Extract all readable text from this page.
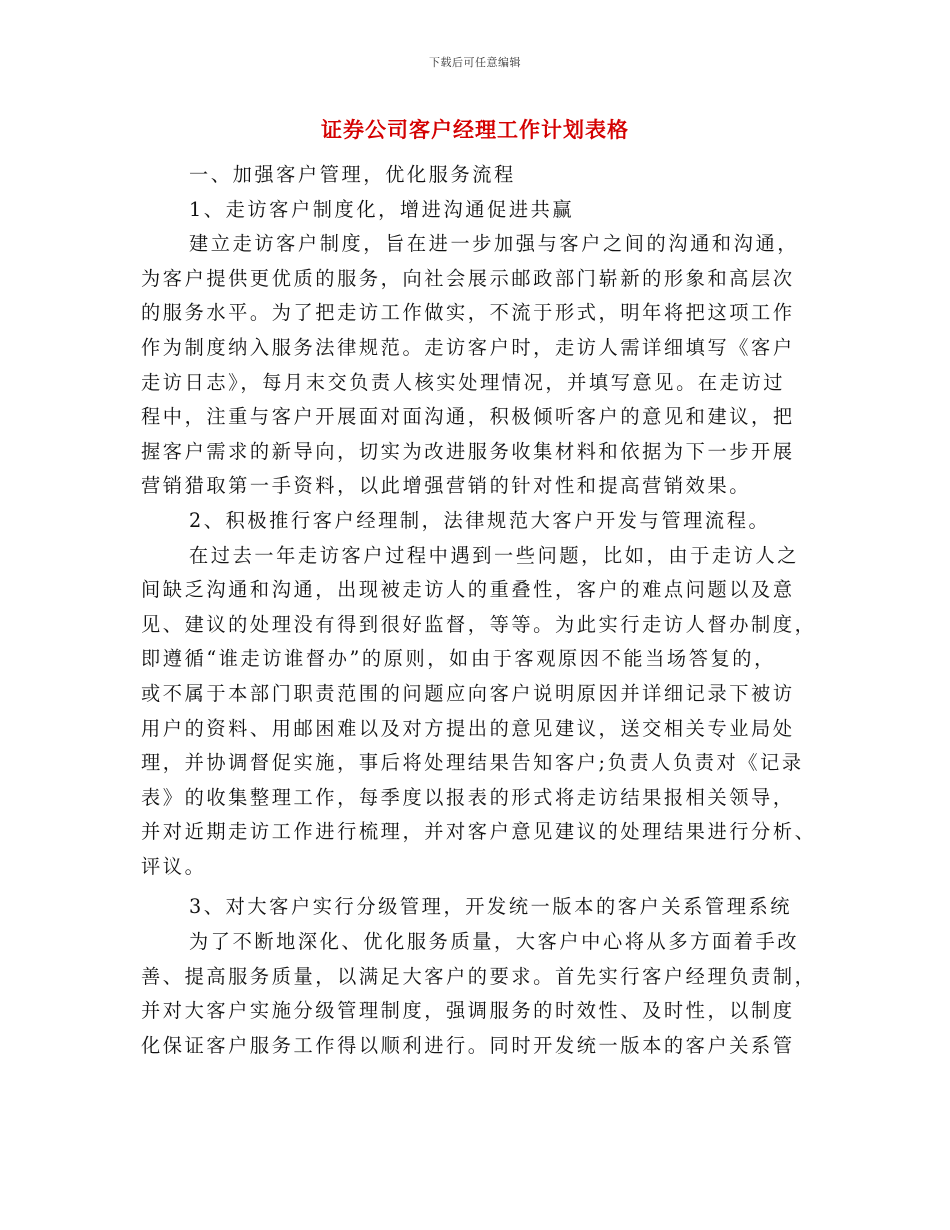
下载后可任意编辑
证券公司客户经理工作计划表格
一、加强客户管理，优化服务流程
1、走访客户制度化，增进沟通促进共赢
建立走访客户制度，旨在进一步加强与客户之间的沟通和沟通，
为客户提供更优质的服务，向社会展示邮政部门崭新的形象和高层次
的服务水平。为了把走访工作做实，不流于形式，明年将把这项工作
作为制度纳入服务法律规范。走访客户时，走访人需详细填写《客户
走访日志》，每月末交负责人核实处理情况，并填写意见。在走访过
程中，注重与客户开展面对面沟通，积极倾听客户的意见和建议，把
握客户需求的新导向，切实为改进服务收集材料和依据为下一步开展
营销猎取第一手资料，以此增强营销的针对性和提高营销效果。
2、积极推行客户经理制，法律规范大客户开发与管理流程。
在过去一年走访客户过程中遇到一些问题，比如，由于走访人之
间缺乏沟通和沟通，出现被走访人的重叠性，客户的难点问题以及意
见、建议的处理没有得到很好监督，等等。为此实行走访人督办制度，
即遵循“谁走访谁督办”的原则，如由于客观原因不能当场答复的，
或不属于本部门职责范围的问题应向客户说明原因并详细记录下被访
用户的资料、用邮困难以及对方提出的意见建议，送交相关专业局处
理，并协调督促实施，事后将处理结果告知客户;负责人负责对《记录
表》的收集整理工作，每季度以报表的形式将走访结果报相关领导，
并对近期走访工作进行梳理，并对客户意见建议的处理结果进行分析、
评议。
3、对大客户实行分级管理，开发统一版本的客户关系管理系统
为了不断地深化、优化服务质量，大客户中心将从多方面着手改
善、提高服务质量，以满足大客户的要求。首先实行客户经理负责制，
并对大客户实施分级管理制度，强调服务的时效性、及时性，以制度
化保证客户服务工作得以顺利进行。同时开发统一版本的客户关系管
